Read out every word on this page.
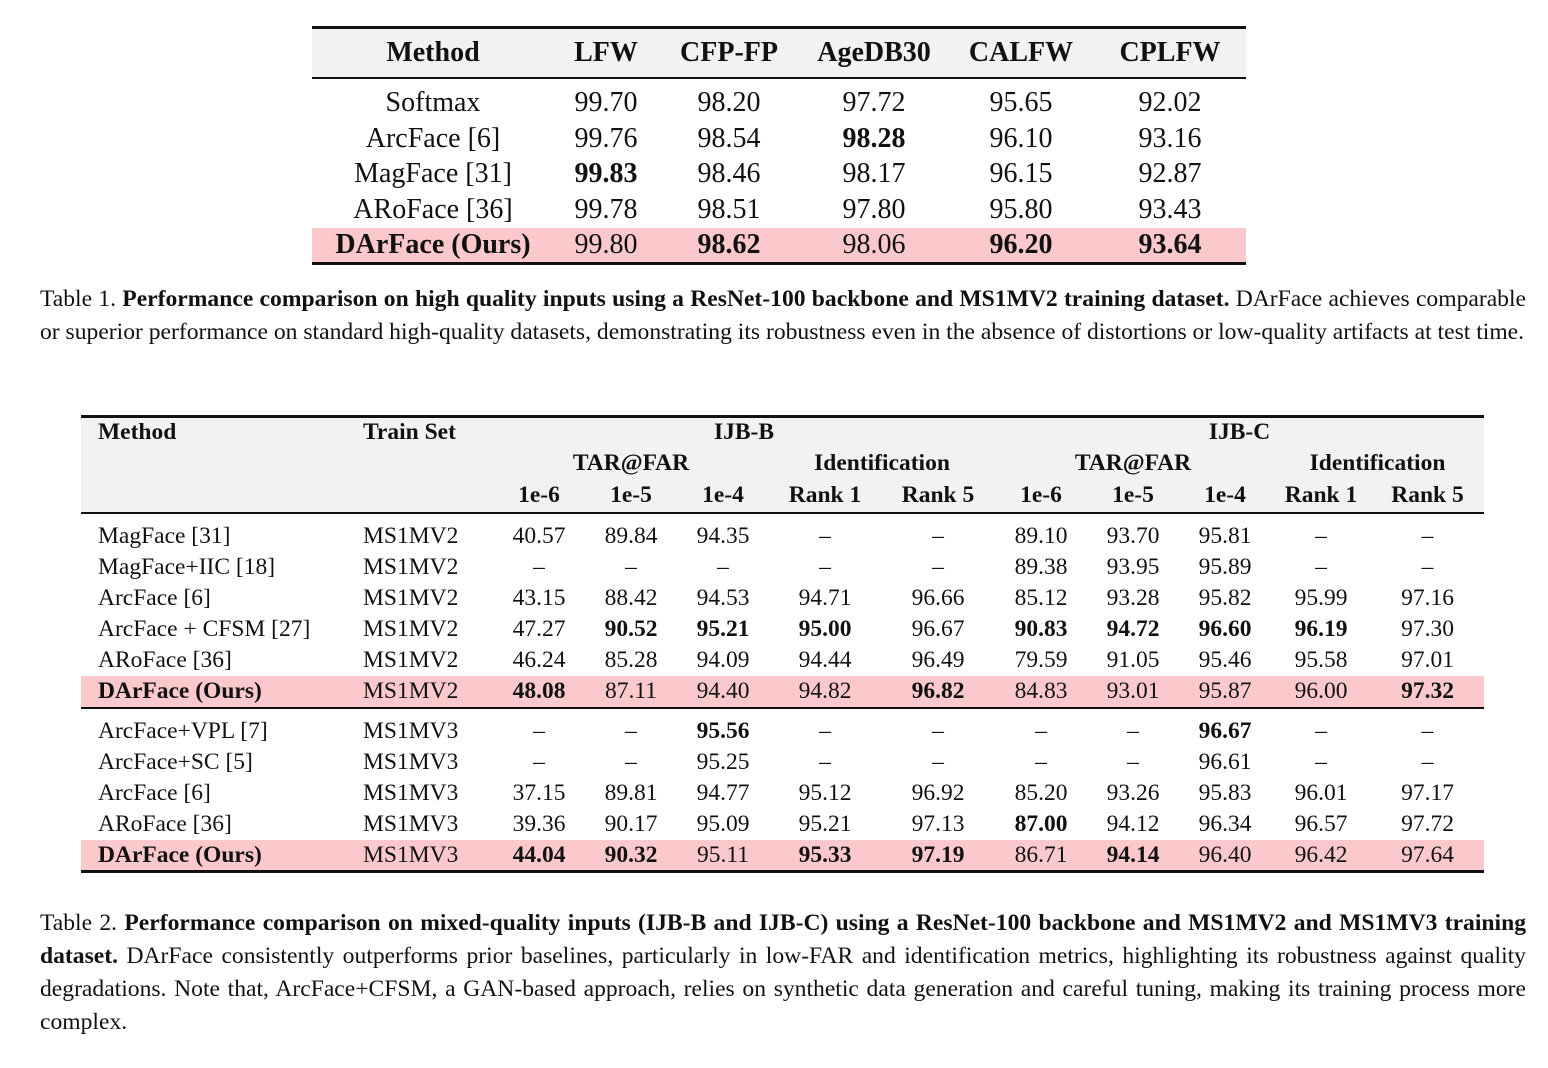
Method	LFW	CFP-FP	AgeDB30	CALFW	CPLFW

Softmax	99.70	98.20	97.72	95.65	92.02
ArcFace [6]	99.76	98.54	98.28	96.10	93.16
MagFace [31]	99.83	98.46	98.17	96.15	92.87
ARoFace [36]	99.78	98.51	97.80	95.80	93.43
DArFace (Ours)	99.80	98.62	98.06	96.20	93.64

Table 1. Performance comparison on high quality inputs using a ResNet-100 backbone and MS1MV2 training dataset. DArFace achieves comparable or superior performance on standard high-quality datasets, demonstrating its robustness even in the absence of distortions or low-quality artifacts at test time.

Method	Train Set	IJB-B					IJB-C				
		TAR@FAR			Identification		TAR@FAR			Identification	
		1e-6	1e-5	1e-4	Rank 1	Rank 5	1e-6	1e-5	1e-4	Rank 1	Rank 5

MagFace [31]	MS1MV2	40.57	89.84	94.35	–	–	89.10	93.70	95.81	–	–
MagFace+IIC [18]	MS1MV2	–	–	–	–	–	89.38	93.95	95.89	–	–
ArcFace [6]	MS1MV2	43.15	88.42	94.53	94.71	96.66	85.12	93.28	95.82	95.99	97.16
ArcFace + CFSM [27]	MS1MV2	47.27	90.52	95.21	95.00	96.67	90.83	94.72	96.60	96.19	97.30
ARoFace [36]	MS1MV2	46.24	85.28	94.09	94.44	96.49	79.59	91.05	95.46	95.58	97.01
DArFace (Ours)	MS1MV2	48.08	87.11	94.40	94.82	96.82	84.83	93.01	95.87	96.00	97.32

ArcFace+VPL [7]	MS1MV3	–	–	95.56	–	–	–	–	96.67	–	–
ArcFace+SC [5]	MS1MV3	–	–	95.25	–	–	–	–	96.61	–	–
ArcFace [6]	MS1MV3	37.15	89.81	94.77	95.12	96.92	85.20	93.26	95.83	96.01	97.17
ARoFace [36]	MS1MV3	39.36	90.17	95.09	95.21	97.13	87.00	94.12	96.34	96.57	97.72
DArFace (Ours)	MS1MV3	44.04	90.32	95.11	95.33	97.19	86.71	94.14	96.40	96.42	97.64

Table 2. Performance comparison on mixed-quality inputs (IJB-B and IJB-C) using a ResNet-100 backbone and MS1MV2 and MS1MV3 training dataset. DArFace consistently outperforms prior baselines, particularly in low-FAR and identification metrics, highlighting its robustness against quality degradations. Note that, ArcFace+CFSM, a GAN-based approach, relies on synthetic data generation and careful tuning, making its training process more complex.
